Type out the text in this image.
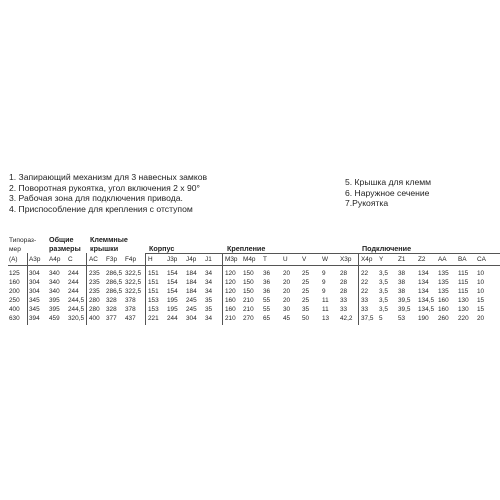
1. Запирающий механизм для 3 навесных замков
2. Поворотная рукоятка, угол включения 2 x 90°
3. Рабочая зона для подключения привода.
4. Приспособление для крепления с отступом
5. Крышка для клемм
6. Наружное сечение
7.Рукоятка
Типораз-
мер
Общие
размеры
Клеммные
крышки	Корпус	Крепление	Подключение
(A) A3p A4p C	AC F3p F4p H J3p J4p J1 M3p M4p T	U V W X3p X4p Y Z1 Z2 AA BA CA
125 304 340 244 235 286,5 322,5 151 154 184 34 120 150 36 20 25 9 28 22 3,5 38 134 135 115 10
160 304 340 244 235 286,5 322,5 151 154 184 34 120 150 36 20 25 9 28 22 3,5 38 134 135 115 10
200 304 340 244 235 286,5 322,5 151 154 184 34 120 150 36 20 25 9 28 22 3,5 38 134 135 115 10
250 345 395 244,5 280 328 378 153 195 245 35 160 210 55 20 25 11 33 33 3,5 39,5 134,5 160 130 15
400 345 395 244,5 280 328 378 153 195 245 35 160 210 55 30 35 11 33 33 3,5 39,5 134,5 160 130 15
630 394 459 320,5 400 377 437 221 244 304 34 210 270 65 45 50 13 42,2 37,5 5 53 190 260 220 20
